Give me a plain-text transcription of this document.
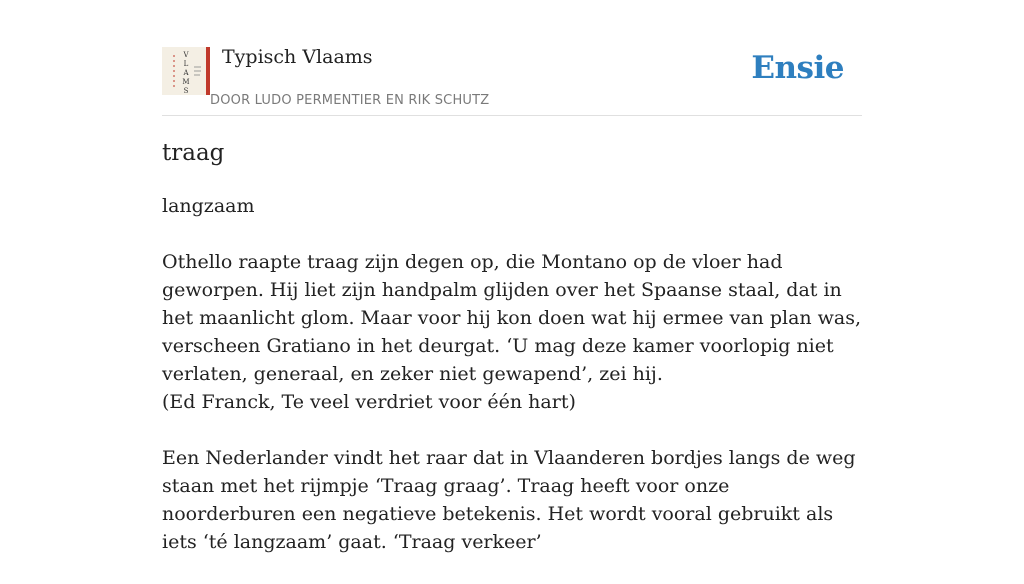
V
L
A
M
S
Typisch Vlaams
DOOR LUDO PERMENTIER EN RIK SCHUTZ
Ensie
traag

langzaam

Othello raapte traag zijn degen op, die Montano op de vloer had geworpen. Hij liet zijn handpalm glijden over het Spaanse staal, dat in het maanlicht glom. Maar voor hij kon doen wat hij ermee van plan was, verscheen Gratiano in het deurgat. ‘U mag deze kamer voorlopig niet verlaten, generaal, en zeker niet gewapend’, zei hij.
(Ed Franck, Te veel verdriet voor één hart)

Een Nederlander vindt het raar dat in Vlaanderen bordjes langs de weg staan met het rijmpje ‘Traag graag’. Traag heeft voor onze noorderburen een negatieve betekenis. Het wordt vooral gebruikt als iets ‘té langzaam’ gaat. ‘Traag verkeer’
